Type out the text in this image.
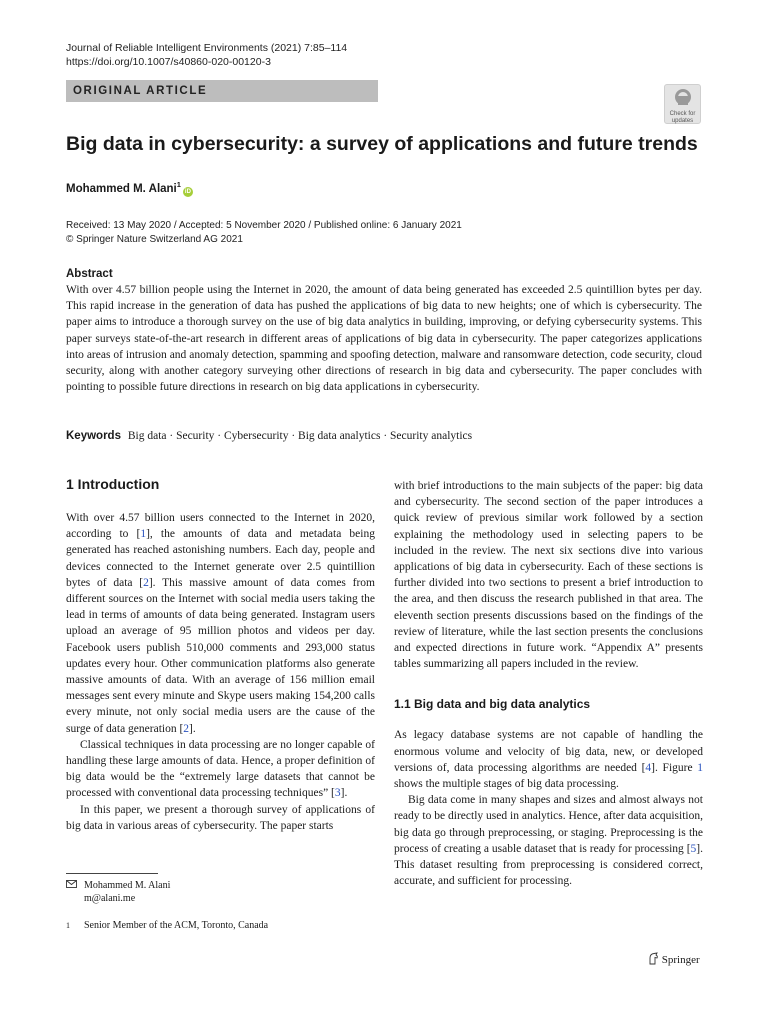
Journal of Reliable Intelligent Environments (2021) 7:85–114
https://doi.org/10.1007/s40860-020-00120-3
ORIGINAL ARTICLE
Check for
updates
Big data in cybersecurity: a survey of applications and future trends
Mohammed M. Alani$^1$iD
Received: 13 May 2020 / Accepted: 5 November 2020 / Published online: 6 January 2021
© Springer Nature Switzerland AG 2021
Abstract
With over 4.57 billion people using the Internet in 2020, the amount of data being generated has exceeded 2.5 quintillion bytes per day. This rapid increase in the generation of data has pushed the applications of big data to new heights; one of which is cybersecurity. The paper aims to introduce a thorough survey on the use of big data analytics in building, improving, or defying cybersecurity systems. This paper surveys state-of-the-art research in different areas of applications of big data in cybersecurity. The paper categorizes applications into areas of intrusion and anomaly detection, spamming and spoofing detection, malware and ransomware detection, code security, cloud security, along with another category surveying other directions of research in big data and cybersecurity. The paper concludes with pointing to possible future directions in research on big data applications in cybersecurity.
Keywords Big data · Security · Cybersecurity · Big data analytics · Security analytics
1 Introduction

With over 4.57 billion users connected to the Internet in 2020, according to [1], the amounts of data and metadata being generated has reached astonishing numbers. Each day, people and devices connected to the Internet generate over 2.5 quintillion bytes of data [2]. This massive amount of data comes from different sources on the Internet with social media users taking the lead in terms of amounts of data being generated. Instagram users upload an average of 95 million photos and videos per day. Facebook users publish 510,000 comments and 293,000 status updates every hour. Other communication platforms also generate massive amounts of data. With an average of 156 million email messages sent every minute and Skype users making 154,200 calls every minute, not only social media users are the cause of the surge of data generation [2].

Classical techniques in data processing are no longer capable of handling these large amounts of data. Hence, a proper definition of big data would be the “extremely large datasets that cannot be processed with conventional data processing techniques” [3].

In this paper, we present a thorough survey of applications of big data in various areas of cybersecurity. The paper starts

with brief introductions to the main subjects of the paper: big data and cybersecurity. The second section of the paper introduces a quick review of previous similar work followed by a section explaining the methodology used in selecting papers to be included in the review. The next six sections dive into various applications of big data in cybersecurity. Each of these sections is further divided into two sections to present a brief introduction to the area, and then discuss the research published in that area. The eleventh section presents discussions based on the findings of the review of literature, while the last section presents the conclusions and expected directions in future work. “Appendix A” presents tables summarizing all papers included in the review.

1.1 Big data and big data analytics

As legacy database systems are not capable of handling the enormous volume and velocity of big data, new, or developed versions of, data processing algorithms are needed [4]. Figure 1 shows the multiple stages of big data processing.

Big data come in many shapes and sizes and almost always not ready to be directly used in analytics. Hence, after data acquisition, big data go through preprocessing, or staging. Preprocessing is the process of creating a usable dataset that is ready for processing [5]. This dataset resulting from preprocessing is considered correct, accurate, and sufficient for processing.

Mohammed M. Alani
m@alani.me
1	Senior Member of the ACM, Toronto, Canada
Springer
